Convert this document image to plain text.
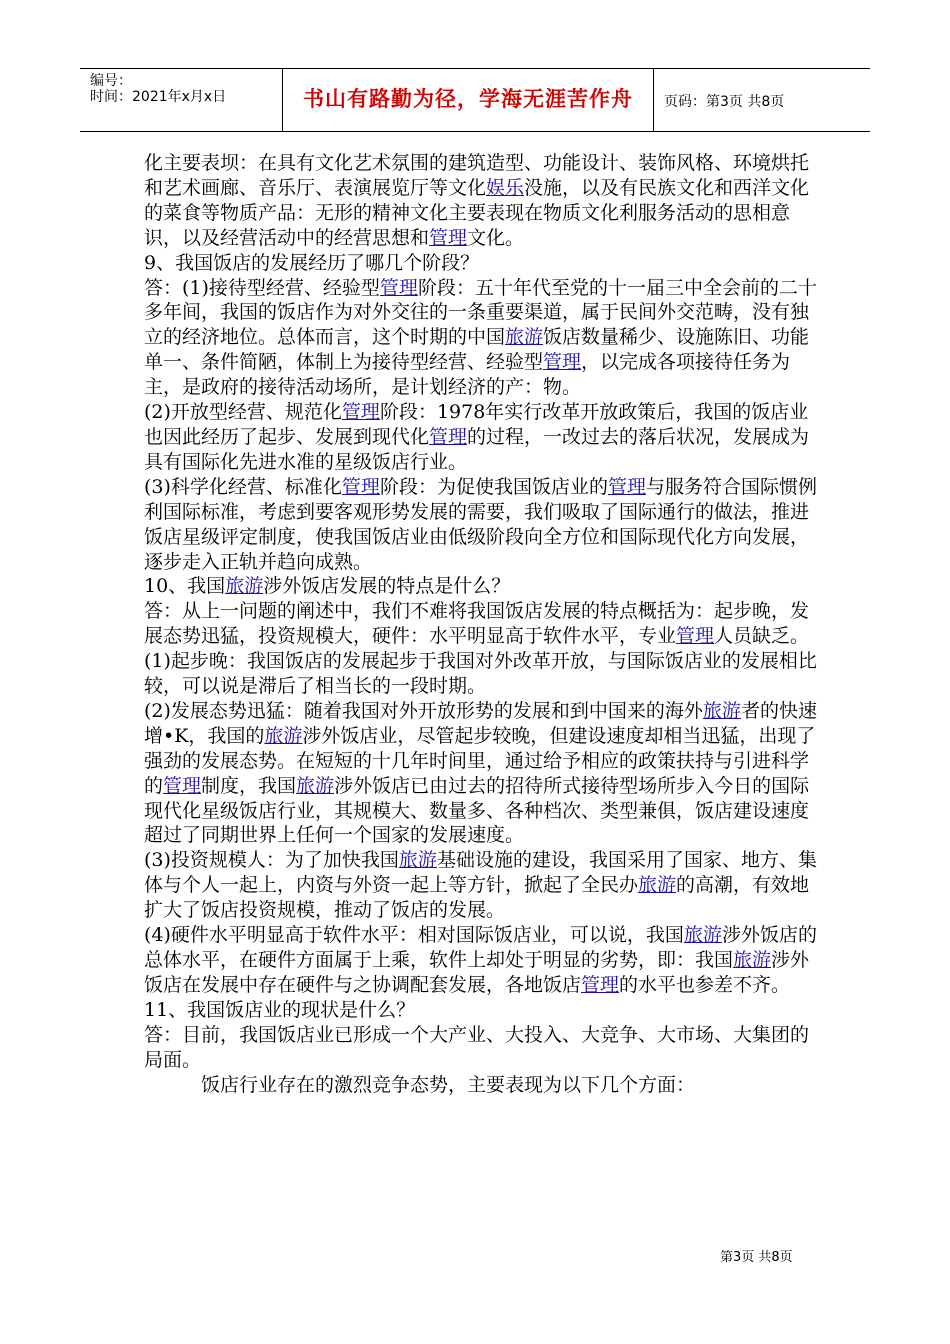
编号：
时间：2021年x月x日	书山有路勤为径，学海无涯苦作舟	页码：第3页 共8页

化主要表坝：在具有文化艺术氛围的建筑造型、功能设计、装饰风格、环境烘托和艺术画廊、音乐厅、表演展览厅等文化娱乐没施，以及有民族文化和西洋文化的菜食等物质产品：无形的精神文化主要表现在物质文化利服务活动的思相意识，以及经营活动中的经营思想和管理文化。

9、我国饭店的发展经历了哪几个阶段？

答：(1)接待型经营、经验型管理阶段：五十年代至党的十一届三中全会前的二十多年间，我国的饭店作为对外交往的一条重要渠道，属于民间外交范畴，没有独立的经济地位。总体而言，这个时期的中国旅游饭店数量稀少、设施陈旧、功能单一、条件简陋，体制上为接待型经营、经验型管理，以完成各项接待任务为主，是政府的接待活动场所，是计划经济的产：物。

(2)开放型经营、规范化管理阶段：1978年实行改革开放政策后，我国的饭店业也因此经历了起步、发展到现代化管理的过程，一改过去的落后状况，发展成为具有国际化先进水准的星级饭店行业。

(3)科学化经营、标准化管理阶段：为促使我国饭店业的管理与服务符合国际惯例利国际标准，考虑到要客观形势发展的需要，我们吸取了国际通行的做法，推进饭店星级评定制度，使我国饭店业由低级阶段向全方位和国际现代化方向发展，逐步走入正轨并趋向成熟。

10、我国旅游涉外饭店发展的特点是什么？

答：从上一问题的阐述中，我们不难将我国饭店发展的特点概括为：起步晚，发展态势迅猛，投资规模大，硬件：水平明显高于软件水平，专业管理人员缺乏。

(1)起步晚：我国饭店的发展起步于我国对外改革开放，与国际饭店业的发展相比较，可以说是滞后了相当长的一段时期。

(2)发展态势迅猛：随着我国对外开放形势的发展和到中国来的海外旅游者的快速增•K，我国的旅游涉外饭店业，尽管起步较晚，但建设速度却相当迅猛，出现了强劲的发展态势。在短短的十几年时间里，通过给予相应的政策扶持与引进科学的管理制度，我国旅游涉外饭店已由过去的招待所式接待型场所步入今日的国际现代化星级饭店行业，其规模大、数量多、各种档次、类型兼俱，饭店建设速度超过了同期世界上任何一个国家的发展速度。

(3)投资规模人：为了加快我国旅游基础设施的建设，我国采用了国家、地方、集体与个人一起上，内资与外资一起上等方针，掀起了全民办旅游的高潮，有效地扩大了饭店投资规模，推动了饭店的发展。

(4)硬件水平明显高于软件水平：相对国际饭店业，可以说，我国旅游涉外饭店的总体水平，在硬件方面属于上乘，软件上却处于明显的劣势，即：我国旅游涉外饭店在发展中存在硬件与之协调配套发展，各地饭店管理的水平也参差不齐。

11、我国饭店业的现状是什么？

答：目前，我国饭店业已形成一个大产业、大投入、大竞争、大市场、大集团的局面。

饭店行业存在的激烈竞争态势，主要表现为以下几个方面：

第3页 共8页
